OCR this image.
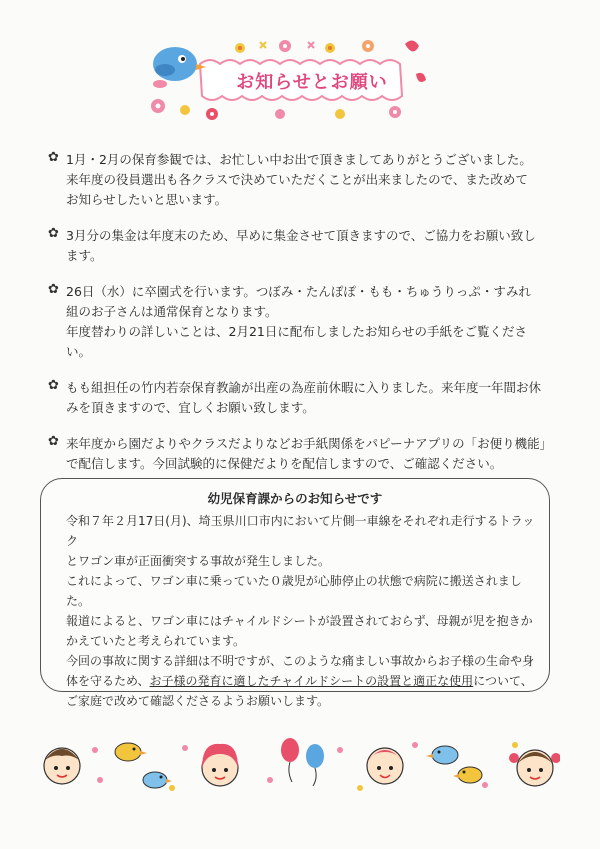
お知らせとお願い
✿ 1月・2月の保育参観では、お忙しい中お出で頂きましてありがとうございました。

来年度の役員選出も各クラスで決めていただくことが出来ましたので、また改めて

お知らせしたいと思います。

✿ 3月分の集金は年度末のため、早めに集金させて頂きますので、ご協力をお願い致し

ます。

✿ 26日（水）に卒園式を行います。つぼみ・たんぽぽ・もも・ちゅうりっぷ・すみれ

組のお子さんは通常保育となります。

年度替わりの詳しいことは、2月21日に配布しましたお知らせの手紙をご覧くださ

い。

✿ もも組担任の竹内若奈保育教諭が出産の為産前休暇に入りました。来年度一年間お休

みを頂きますので、宜しくお願い致します。

✿ 来年度から園だよりやクラスだよりなどお手紙関係をパピーナアプリの「お便り機能」

で配信します。今回試験的に保健だよりを配信しますので、ご確認ください。

幼児保育課からのお知らせです

令和７年２月17日(月)、埼玉県川口市内において片側一車線をそれぞれ走行するトラック

とワゴン車が正面衝突する事故が発生しました。

これによって、ワゴン車に乗っていた０歳児が心肺停止の状態で病院に搬送されました。

報道によると、ワゴン車にはチャイルドシートが設置されておらず、母親が児を抱きか

かえていたと考えられています。

今回の事故に関する詳細は不明ですが、このような痛ましい事故からお子様の生命や身

体を守るため、お子様の発育に適したチャイルドシートの設置と適正な使用について、

ご家庭で改めて確認くださるようお願いします。
